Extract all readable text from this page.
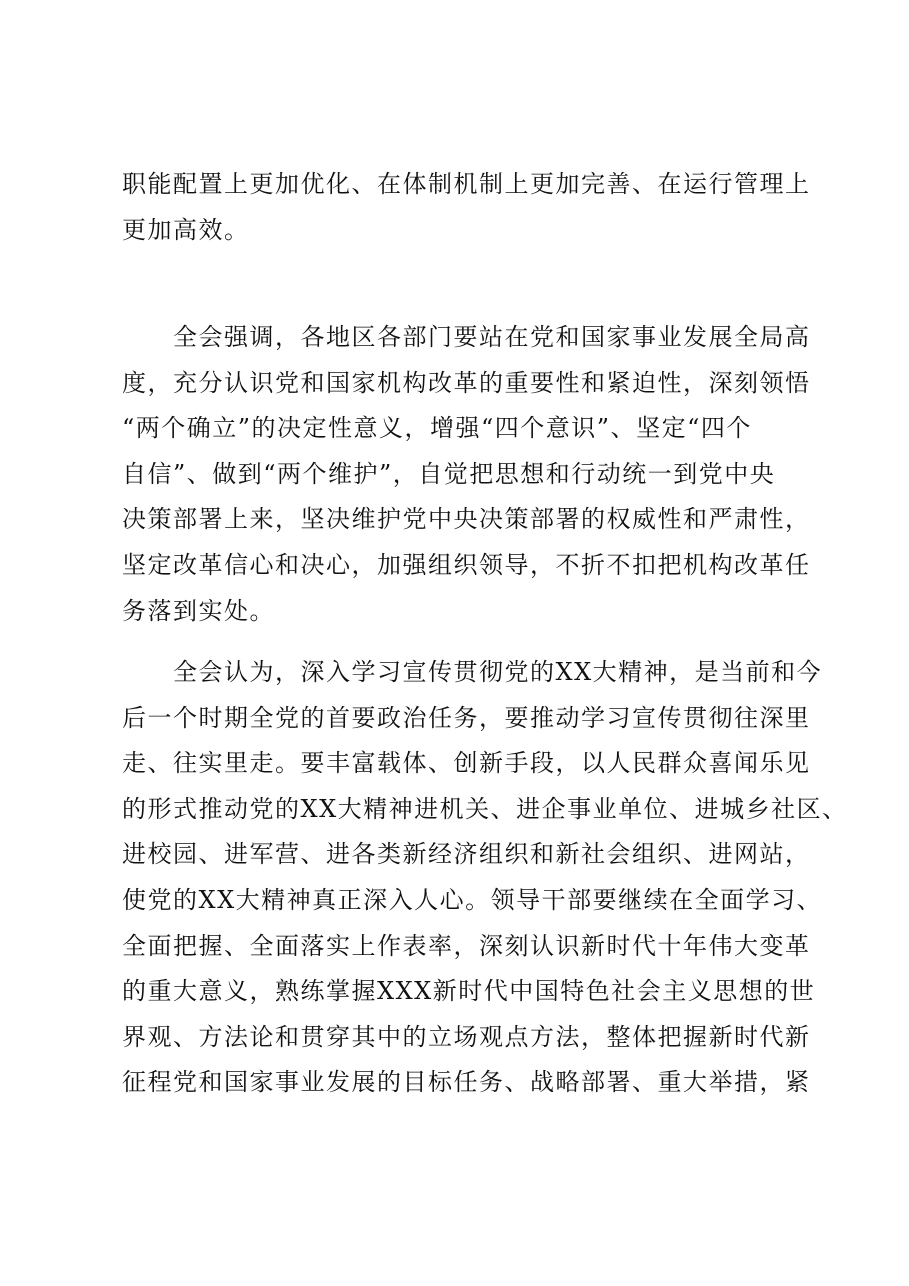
职能配置上更加优化、在体制机制上更加完善、在运行管理上
更加高效。
　　全会强调，各地区各部门要站在党和国家事业发展全局高
度，充分认识党和国家机构改革的重要性和紧迫性，深刻领悟
“两个确立”的决定性意义，增强“四个意识”、坚定“四个
自信”、做到“两个维护”，自觉把思想和行动统一到党中央
决策部署上来，坚决维护党中央决策部署的权威性和严肃性，
坚定改革信心和决心，加强组织领导，不折不扣把机构改革任
务落到实处。
　　全会认为，深入学习宣传贯彻党的XX大精神，是当前和今
后一个时期全党的首要政治任务，要推动学习宣传贯彻往深里
走、往实里走。要丰富载体、创新手段，以人民群众喜闻乐见
的形式推动党的XX大精神进机关、进企事业单位、进城乡社区、
进校园、进军营、进各类新经济组织和新社会组织、进网站，
使党的XX大精神真正深入人心。领导干部要继续在全面学习、
全面把握、全面落实上作表率，深刻认识新时代十年伟大变革
的重大意义，熟练掌握XXX新时代中国特色社会主义思想的世
界观、方法论和贯穿其中的立场观点方法，整体把握新时代新
征程党和国家事业发展的目标任务、战略部署、重大举措，紧
